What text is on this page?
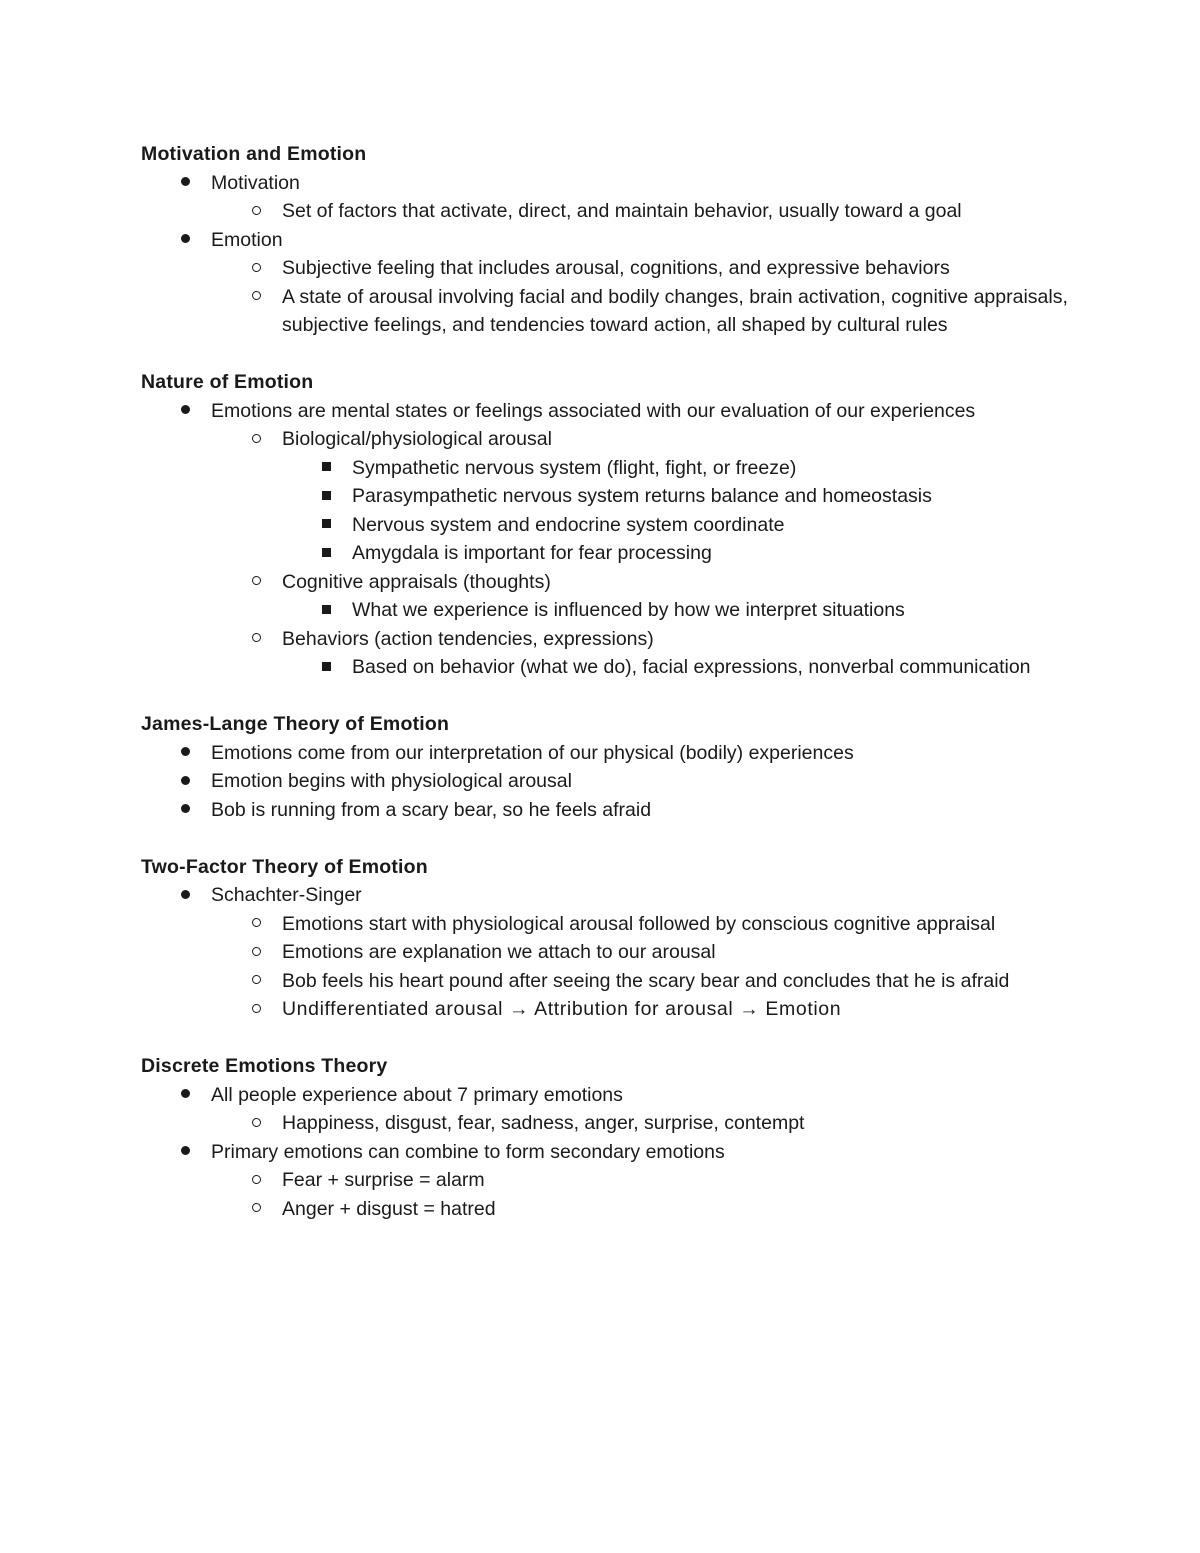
Motivation and Emotion
Motivation
Set of factors that activate, direct, and maintain behavior, usually toward a goal
Emotion
Subjective feeling that includes arousal, cognitions, and expressive behaviors
A state of arousal involving facial and bodily changes, brain activation, cognitive appraisals, subjective feelings, and tendencies toward action, all shaped by cultural rules
Nature of Emotion
Emotions are mental states or feelings associated with our evaluation of our experiences
Biological/physiological arousal
Sympathetic nervous system (flight, fight, or freeze)
Parasympathetic nervous system returns balance and homeostasis
Nervous system and endocrine system coordinate
Amygdala is important for fear processing
Cognitive appraisals (thoughts)
What we experience is influenced by how we interpret situations
Behaviors (action tendencies, expressions)
Based on behavior (what we do), facial expressions, nonverbal communication
James-Lange Theory of Emotion
Emotions come from our interpretation of our physical (bodily) experiences
Emotion begins with physiological arousal
Bob is running from a scary bear, so he feels afraid
Two-Factor Theory of Emotion
Schachter-Singer
Emotions start with physiological arousal followed by conscious cognitive appraisal
Emotions are explanation we attach to our arousal
Bob feels his heart pound after seeing the scary bear and concludes that he is afraid
Undifferentiated arousal → Attribution for arousal → Emotion
Discrete Emotions Theory
All people experience about 7 primary emotions
Happiness, disgust, fear, sadness, anger, surprise, contempt
Primary emotions can combine to form secondary emotions
Fear + surprise = alarm
Anger + disgust = hatred
